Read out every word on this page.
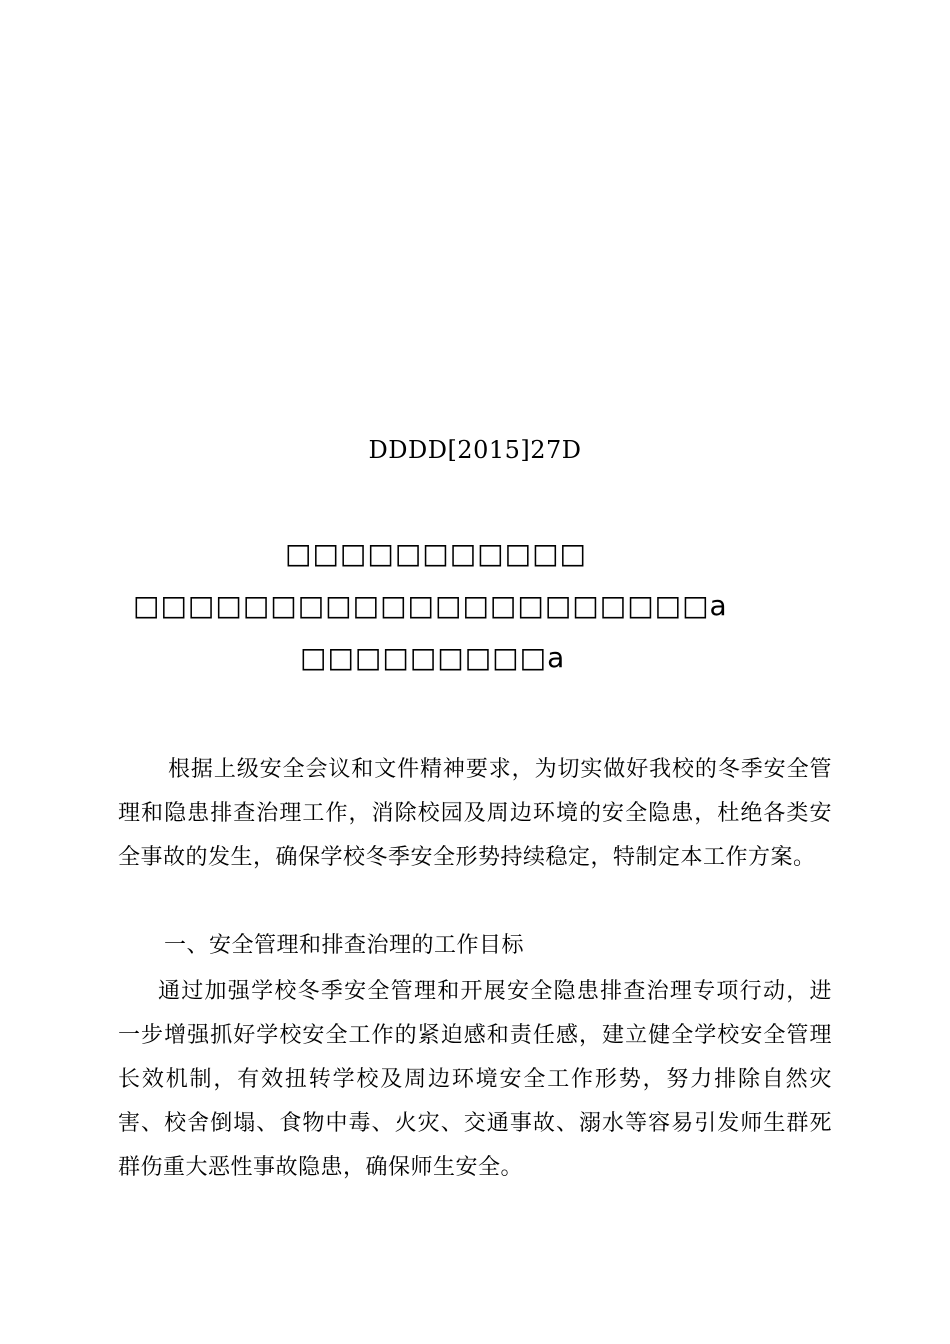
DDDD[2015]27D
□□□□□□□□□□□
□□□□□□□□□□□□□□□□□□□□□a
□□□□□□□□□a
根据上级安全会议和文件精神要求，为切实做好我校的冬季安全管理和隐患排查治理工作，消除校园及周边环境的安全隐患，杜绝各类安全事故的发生，确保学校冬季安全形势持续稳定，特制定本工作方案。
一、安全管理和排查治理的工作目标
通过加强学校冬季安全管理和开展安全隐患排查治理专项行动，进一步增强抓好学校安全工作的紧迫感和责任感，建立健全学校安全管理长效机制，有效扭转学校及周边环境安全工作形势，努力排除自然灾害、校舍倒塌、食物中毒、火灾、交通事故、溺水等容易引发师生群死群伤重大恶性事故隐患，确保师生安全。
